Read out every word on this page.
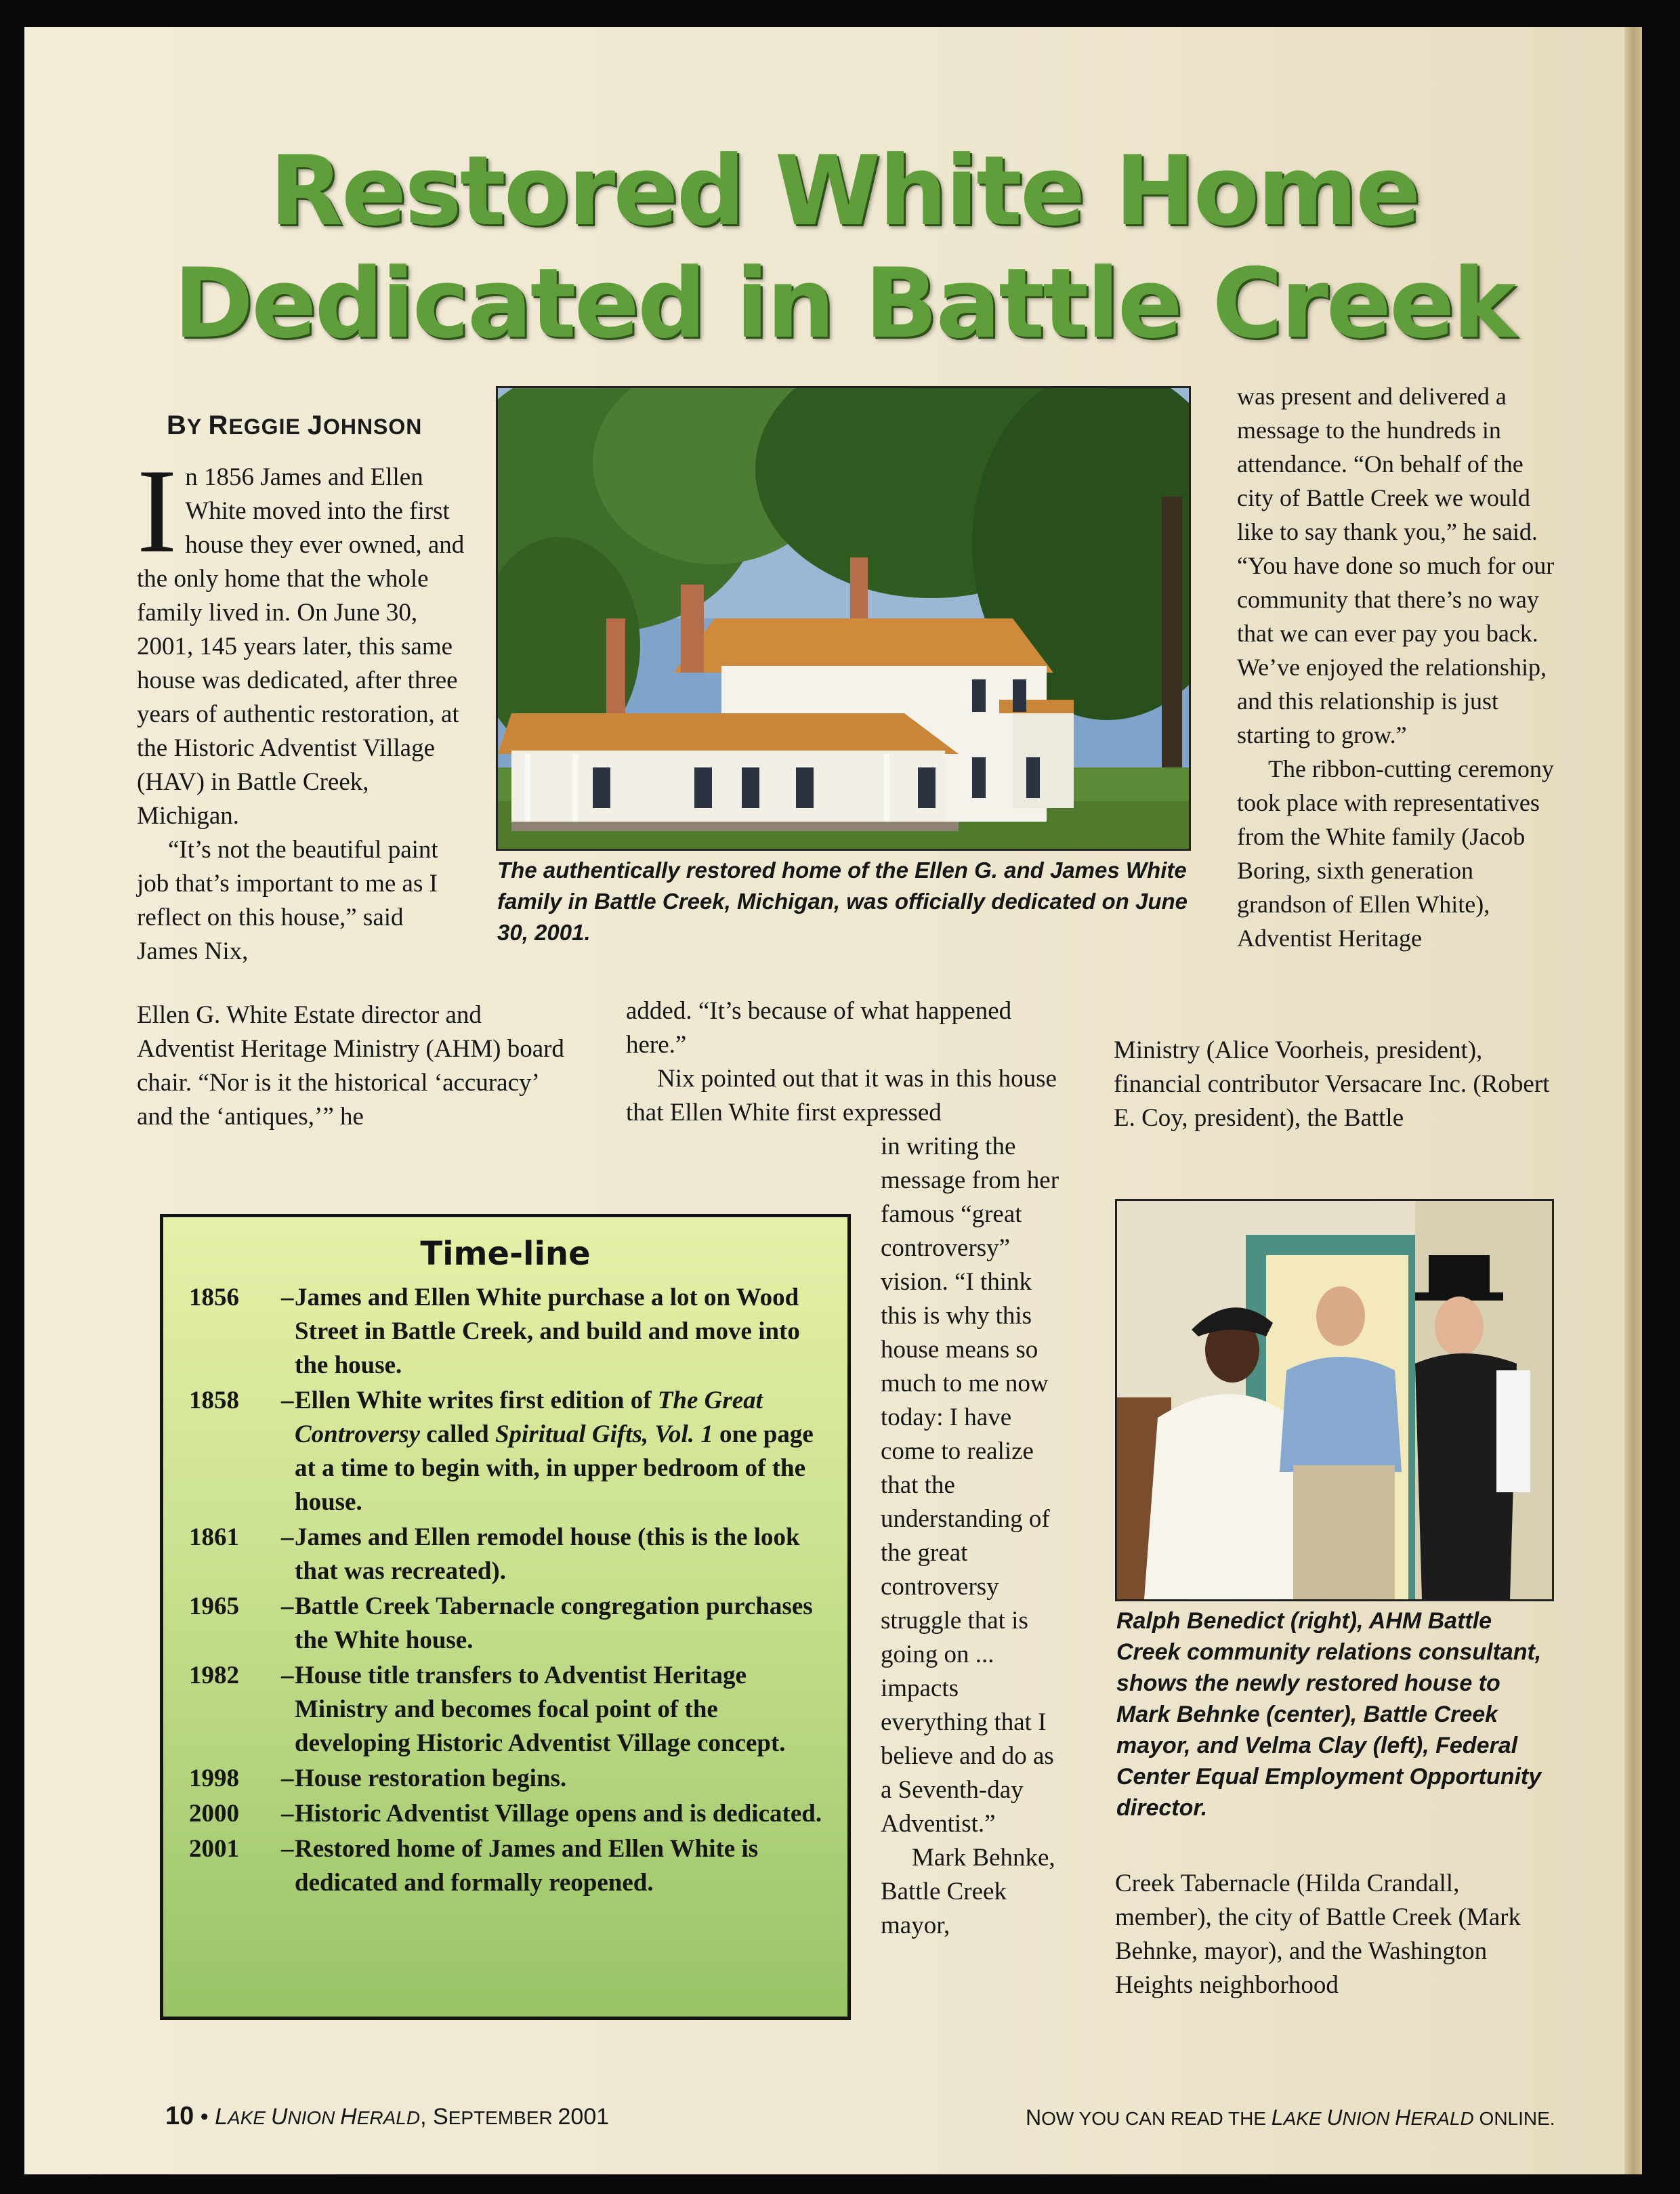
Restored White Home
Dedicated in Battle Creek
BY REGGIE JOHNSON

In 1856 James and Ellen White moved into the first house they ever owned, and the only home that the whole family lived in. On June 30, 2001, 145 years later, this same house was dedicated, after three years of authentic restoration, at the Historic Adventist Village (HAV) in Battle Creek, Michigan.

“It’s not the beautiful paint job that’s important to me as I reflect on this house,” said James Nix,

Ellen G. White Estate director and Adventist Heritage Ministry (AHM) board chair. “Nor is it the historical ‘accuracy’ and the ‘antiques,’” he

The authentically restored home of the Ellen G. and James White family in Battle Creek, Michigan, was officially dedicated on June 30, 2001.

added. “It’s because of what happened here.”

Nix pointed out that it was in this house that Ellen White first expressed

in writing the message from her famous “great controversy” vision. “I think this is why this house means so much to me now today: I have come to realize that the understanding of the great controversy struggle that is going on ... impacts everything that I believe and do as a Seventh-day Adventist.”

Mark Behnke, Battle Creek mayor,

was present and delivered a message to the hundreds in attendance. “On behalf of the city of Battle Creek we would like to say thank you,” he said. “You have done so much for our community that there’s no way that we can ever pay you back. We’ve enjoyed the relationship, and this relationship is just starting to grow.”

The ribbon-cutting ceremony took place with representatives from the White family (Jacob Boring, sixth generation grandson of Ellen White), Adventist Heritage

Ministry (Alice Voorheis, president), financial contributor Versacare Inc. (Robert E. Coy, president), the Battle

Ralph Benedict (right), AHM Battle Creek community relations consultant, shows the newly restored house to Mark Behnke (center), Battle Creek mayor, and Velma Clay (left), Federal Center Equal Employment Opportunity director.

Creek Tabernacle (Hilda Crandall, member), the city of Battle Creek (Mark Behnke, mayor), and the Washington Heights neighborhood

Time-line
1856	– James and Ellen White purchase a lot on Wood Street in Battle Creek, and build and move into the house.
1858	– Ellen White writes first edition of The Great Controversy called Spiritual Gifts, Vol. 1 one page at a time to begin with, in upper bedroom of the house.
1861	– James and Ellen remodel house (this is the look that was recreated).
1965	– Battle Creek Tabernacle congregation purchases the White house.
1982	– House title transfers to Adventist Heritage Ministry and becomes focal point of the developing Historic Adventist Village concept.
1998	– House restoration begins.
2000	– Historic Adventist Village opens and is dedicated.
2001	– Restored home of James and Ellen White is dedicated and formally reopened.
10 • LAKE UNION HERALD, SEPTEMBER 2001	NOW YOU CAN READ THE LAKE UNION HERALD ONLINE.
